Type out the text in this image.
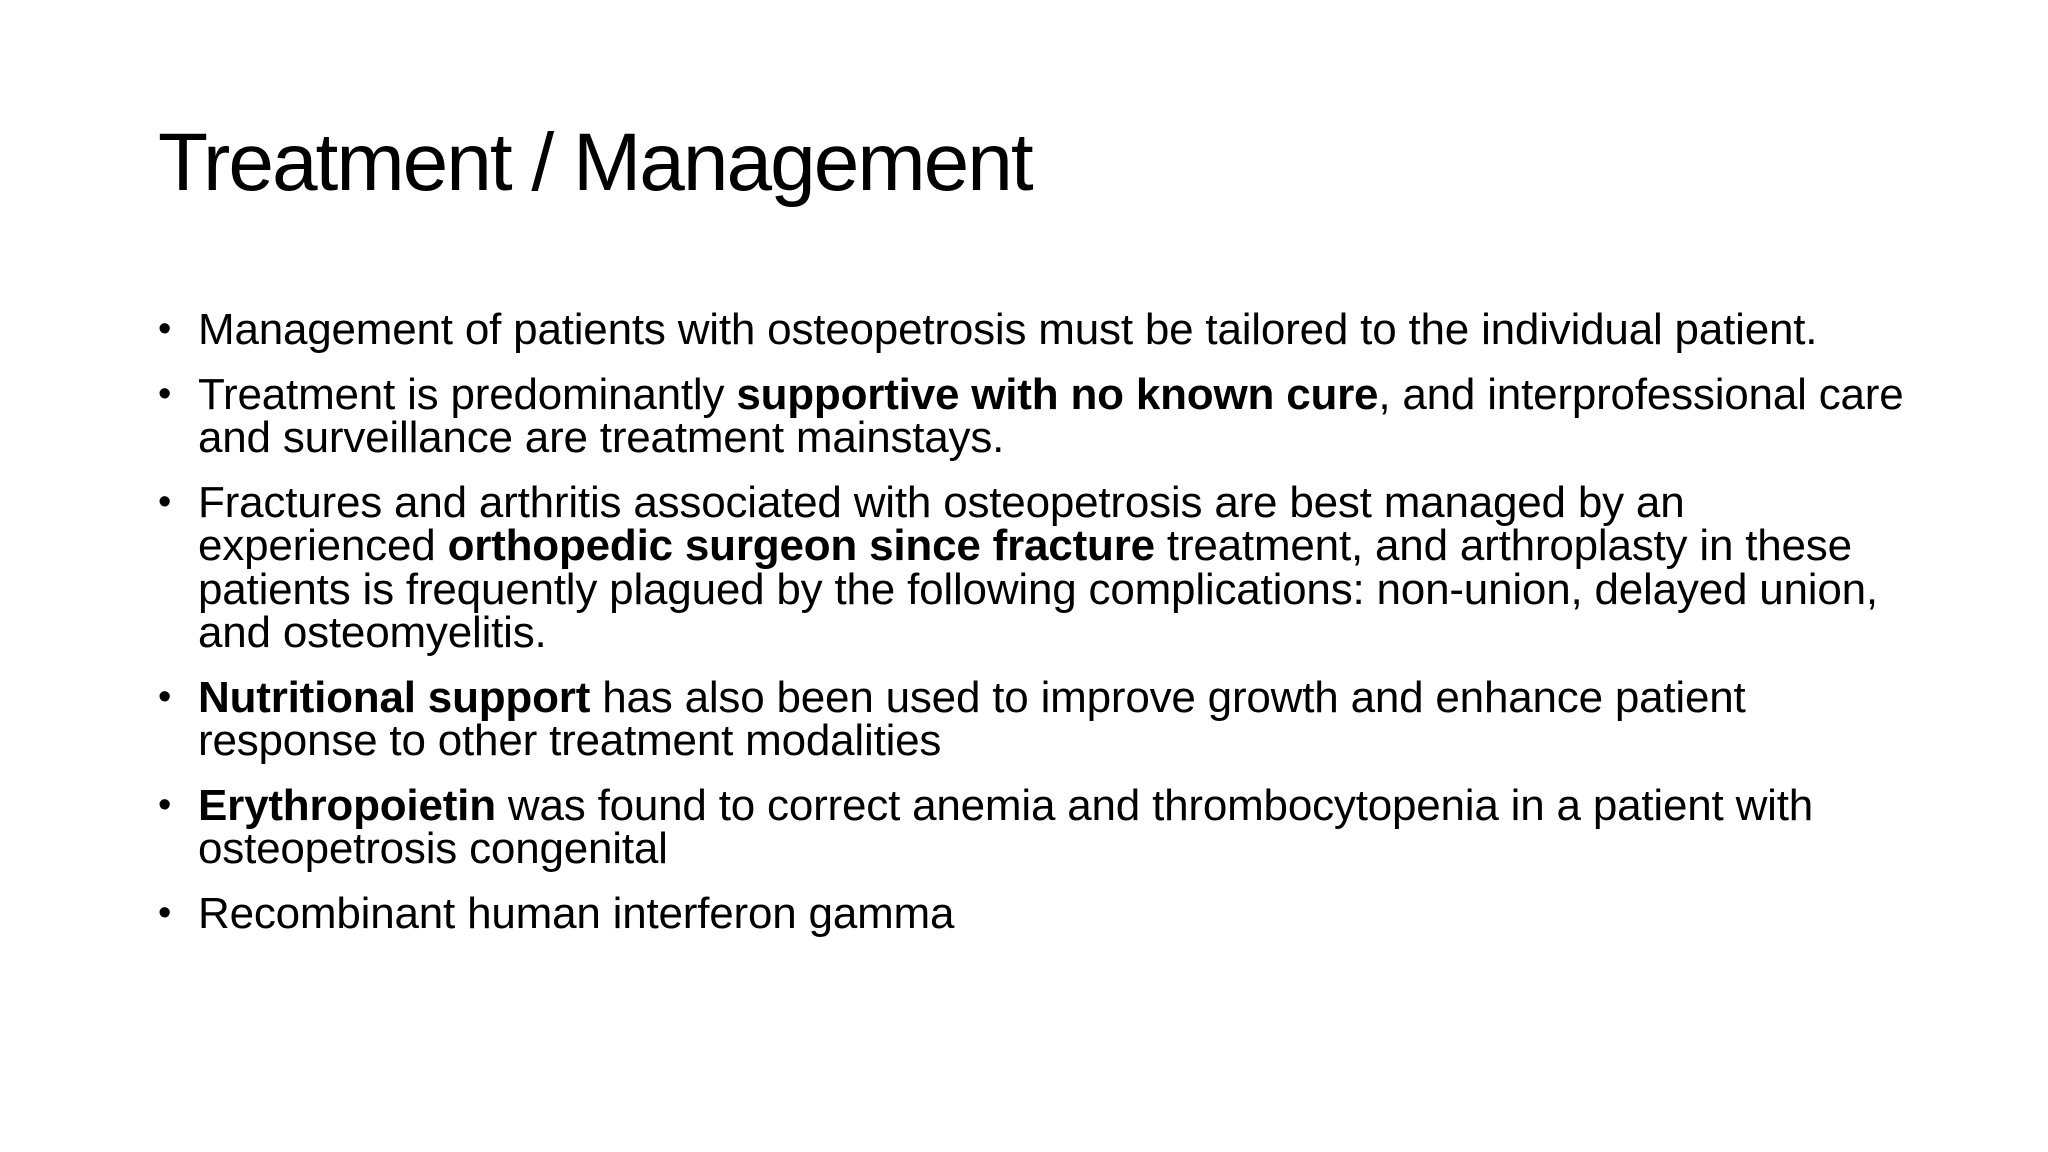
Treatment / Management
• Management of patients with osteopetrosis must be tailored to the individual patient.
• Treatment is predominantly supportive with no known cure, and interprofessional care and surveillance are treatment mainstays.
• Fractures and arthritis associated with osteopetrosis are best managed by an experienced orthopedic surgeon since fracture treatment, and arthroplasty in these patients is frequently plagued by the following complications: non-union, delayed union, and osteomyelitis.
• Nutritional support has also been used to improve growth and enhance patient response to other treatment modalities
• Erythropoietin was found to correct anemia and thrombocytopenia in a patient with osteopetrosis congenital
• Recombinant human interferon gamma
